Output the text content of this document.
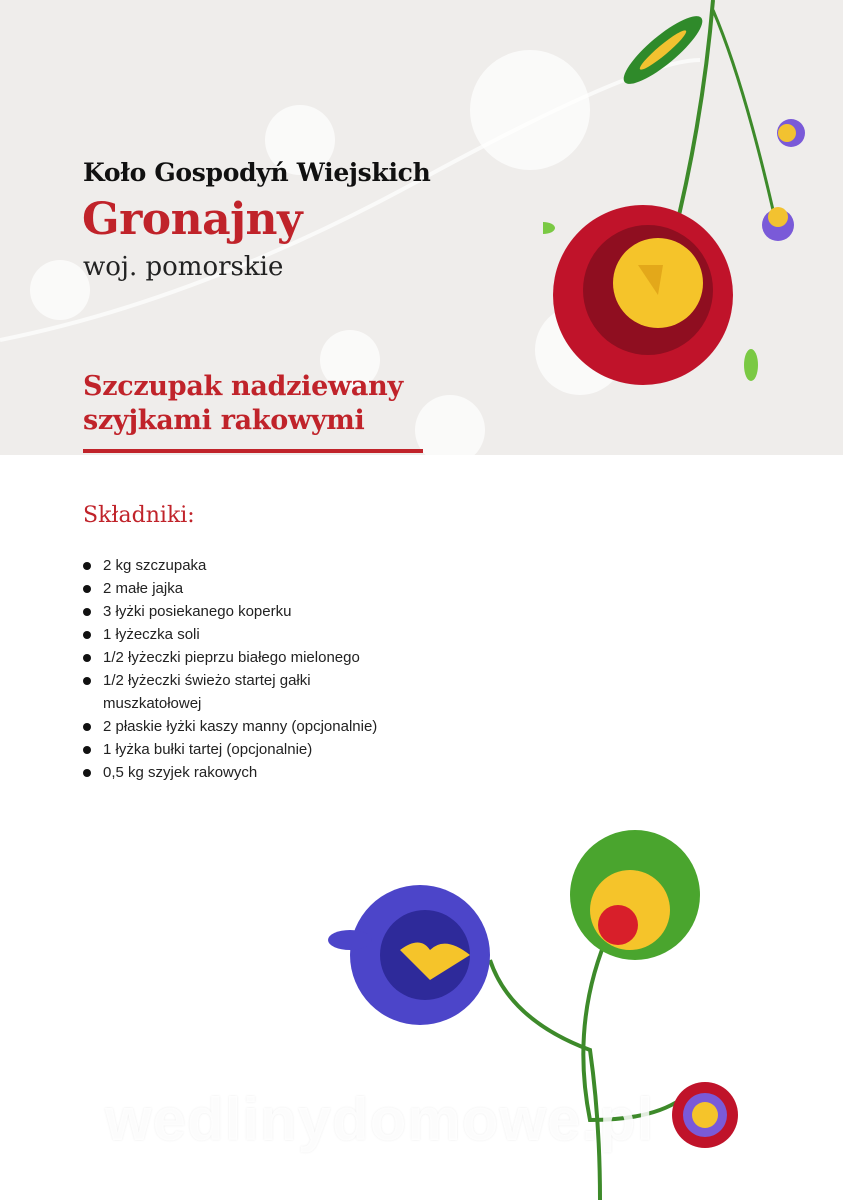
Koło Gospodyń Wiejskich
Gronajny
woj. pomorskie
Szczupak nadziewany
szyjkami rakowymi
Składniki:
2 kg szczupaka
2 małe jajka
3 łyżki posiekanego koperku
1 łyżeczka soli
1/2 łyżeczki pieprzu białego mielonego
1/2 łyżeczki świeżo startej gałki muszkatołowej
2 płaskie łyżki kaszy manny (opcjonalnie)
1 łyżka bułki tartej (opcjonalnie)
0,5 kg szyjek rakowych
wedlinydomowe.pl
